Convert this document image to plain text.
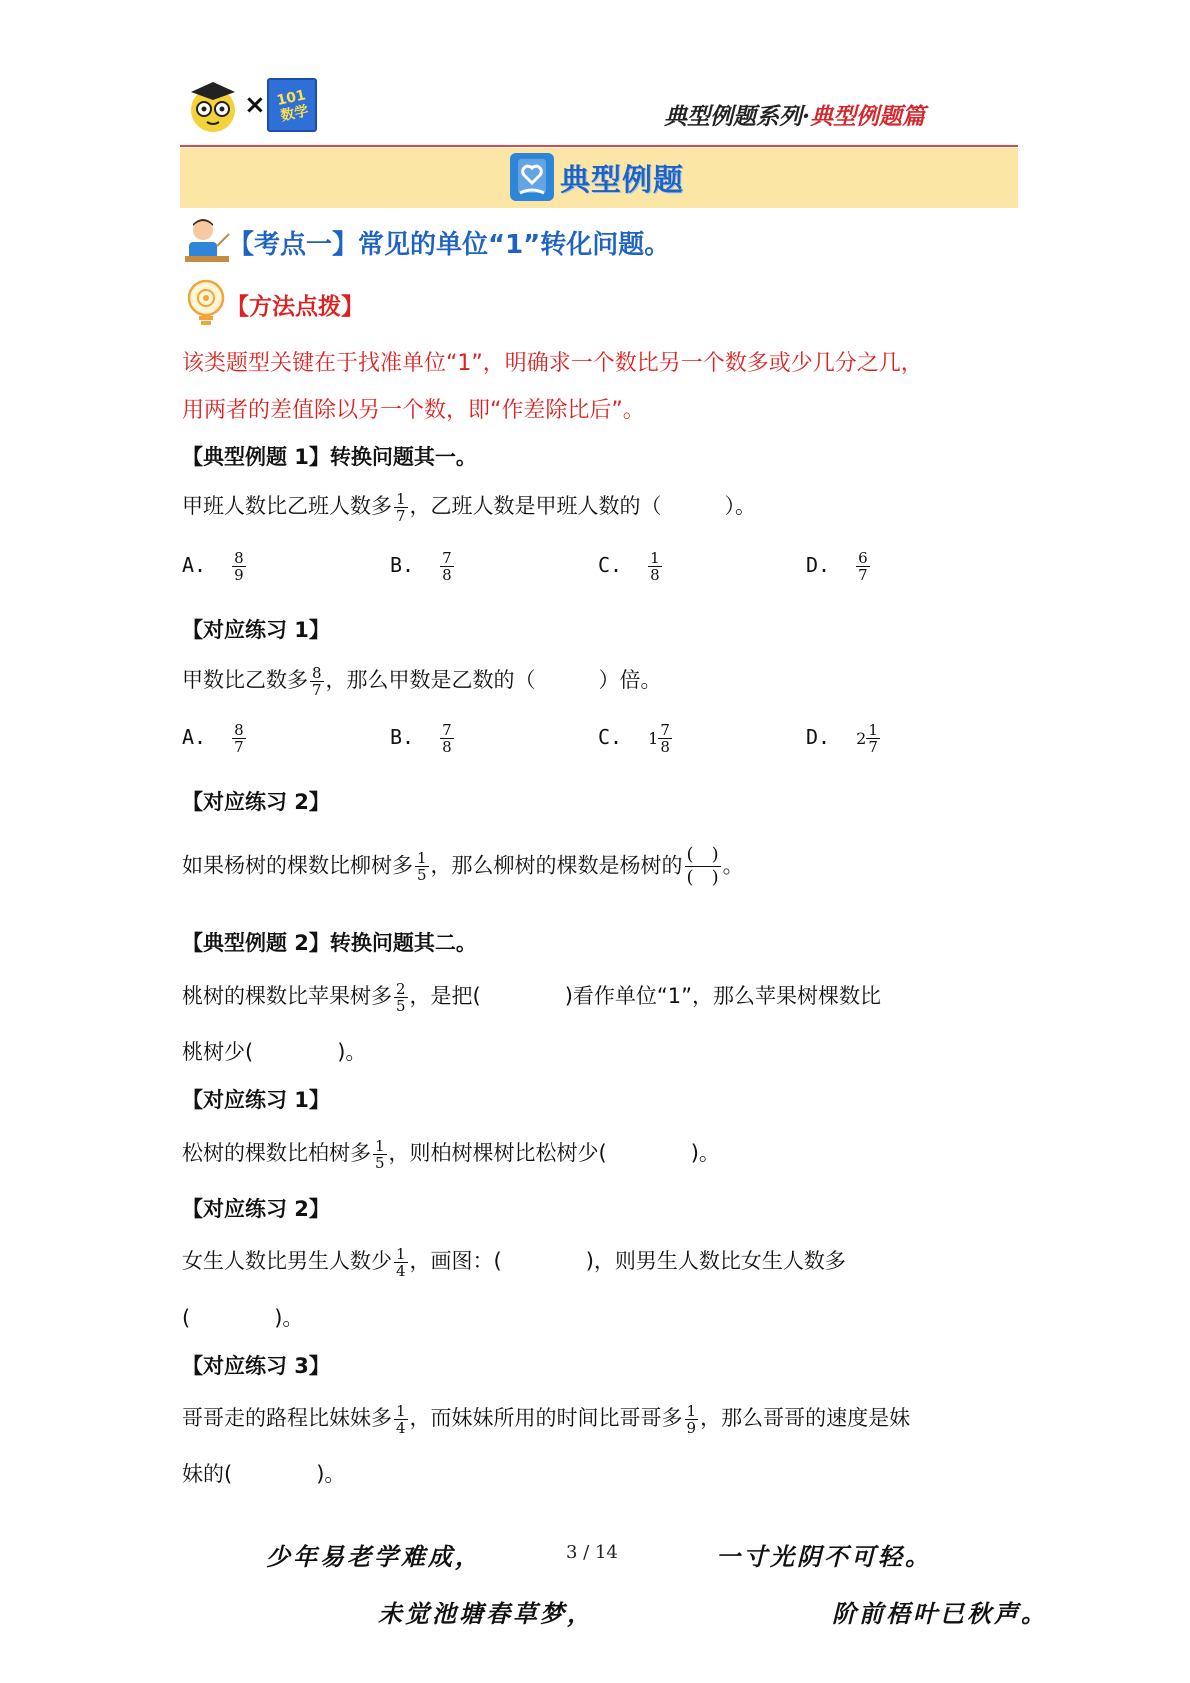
× 101数学	典型例题系列·典型例题篇
典型例题
【考点一】常见的单位“1”转化问题。
【方法点拨】
该类题型关键在于找准单位“1”，明确求一个数比另一个数多或少几分之几，
用两者的差值除以另一个数，即“作差除比后”。
【典型例题 1】转换问题其一。
甲班人数比乙班人数多 $\frac{1}{7}$ ，乙班人数是甲班人数的（　　　）。
A. $\frac{8}{9}$	B. $\frac{7}{8}$	C. $\frac{1}{8}$	D. $\frac{6}{7}$
【对应练习 1】
甲数比乙数多 $\frac{8}{7}$ ，那么甲数是乙数的（　　　）倍。
A. $\frac{8}{7}$	B. $\frac{7}{8}$	C. $1 \frac{7}{8}$	D. $2 \frac{1}{7}$
【对应练习 2】
如果杨树的棵数比柳树多 $\frac{1}{5}$ ，那么柳树的棵数是杨树的 $\frac{( )}{( )}$ 。
【典型例题 2】转换问题其二。
桃树的棵数比苹果树多 $\frac{2}{5}$ ，是把(　　　　)看作单位“1”，那么苹果树棵数比
桃树少(　　　　)。
【对应练习 1】
松树的棵数比柏树多 $\frac{1}{5}$ ，则柏树棵树比松树少(　　　　)。
【对应练习 2】
女生人数比男生人数少 $\frac{1}{4}$ ，画图：(　　　　)，则男生人数比女生人数多
(　　　　)。
【对应练习 3】
哥哥走的路程比妹妹多 $\frac{1}{4}$ ，而妹妹所用的时间比哥哥多 $\frac{1}{9}$ ，那么哥哥的速度是妹
妹的(　　　　)。
少年易老学难成，	3 / 14	一寸光阴不可轻。
未觉池塘春草梦，	阶前梧叶已秋声。
